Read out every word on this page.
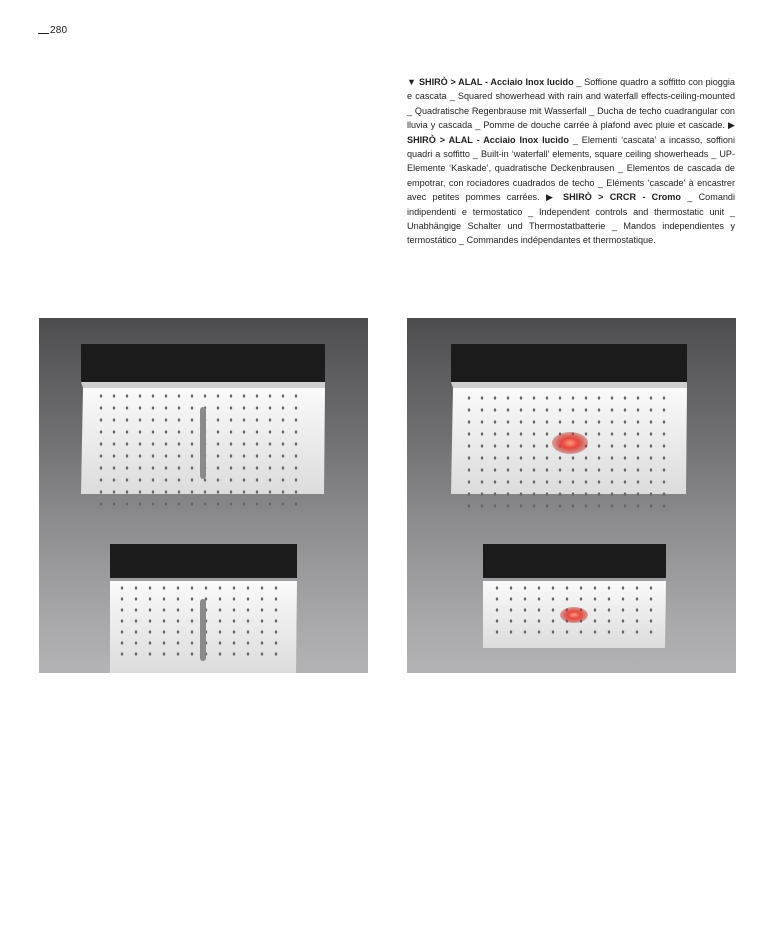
280
▼ SHIRÒ > ALAL - Acciaio Inox lucido _ Soffione quadro a soffitto con pioggia e cascata _ Squared showerhead with rain and waterfall effects-ceiling-mounted _ Quadratische Regenbrause mit Wasserfall _ Ducha de techo cuadrangular con lluvia y cascada _ Pomme de douche carrée à plafond avec pluie et cascade. ▶ SHIRÒ > ALAL - Acciaio Inox lucido _ Elementi ‘cascata’ a incasso, soffioni quadri a soffitto _ Built-in ‘waterfall’ elements, square ceiling showerheads _ UP-Elemente ‘Kaskade’, quadratische Deckenbrausen _ Elementos de cascada de empotrar, con rociadores cuadrados de techo _ Eléments ‘cascade’ à encastrer avec petites pommes carrées. ▶ SHIRÒ > CRCR - Cromo _ Comandi indipendenti e termostatico _ Independent controls and thermostatic unit _ Unabhängige Schalter und Thermostatbatterie _ Mandos independientes y termostático _ Commandes indépendantes et thermostatique.
